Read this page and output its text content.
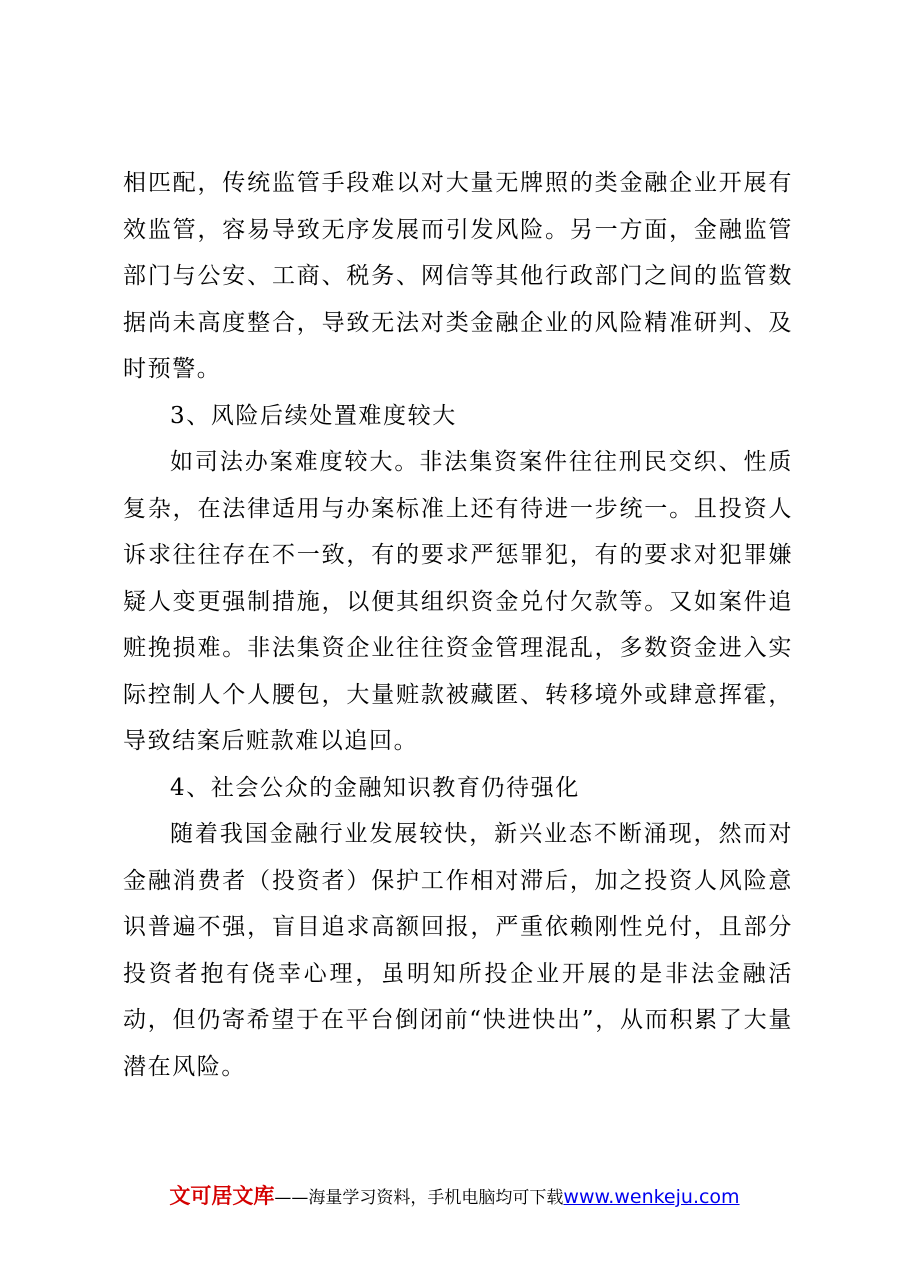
相匹配，传统监管手段难以对大量无牌照的类金融企业开展有效监管，容易导致无序发展而引发风险。另一方面，金融监管部门与公安、工商、税务、网信等其他行政部门之间的监管数据尚未高度整合，导致无法对类金融企业的风险精准研判、及时预警。

3、风险后续处置难度较大

如司法办案难度较大。非法集资案件往往刑民交织、性质复杂，在法律适用与办案标准上还有待进一步统一。且投资人诉求往往存在不一致，有的要求严惩罪犯，有的要求对犯罪嫌疑人变更强制措施，以便其组织资金兑付欠款等。又如案件追赃挽损难。非法集资企业往往资金管理混乱，多数资金进入实际控制人个人腰包，大量赃款被藏匿、转移境外或肆意挥霍，导致结案后赃款难以追回。

4、社会公众的金融知识教育仍待强化

随着我国金融行业发展较快，新兴业态不断涌现，然而对金融消费者（投资者）保护工作相对滞后，加之投资人风险意识普遍不强，盲目追求高额回报，严重依赖刚性兑付，且部分投资者抱有侥幸心理，虽明知所投企业开展的是非法金融活动，但仍寄希望于在平台倒闭前“快进快出”，从而积累了大量潜在风险。

文可居文库——海量学习资料，手机电脑均可下载www.wenkeju.com
